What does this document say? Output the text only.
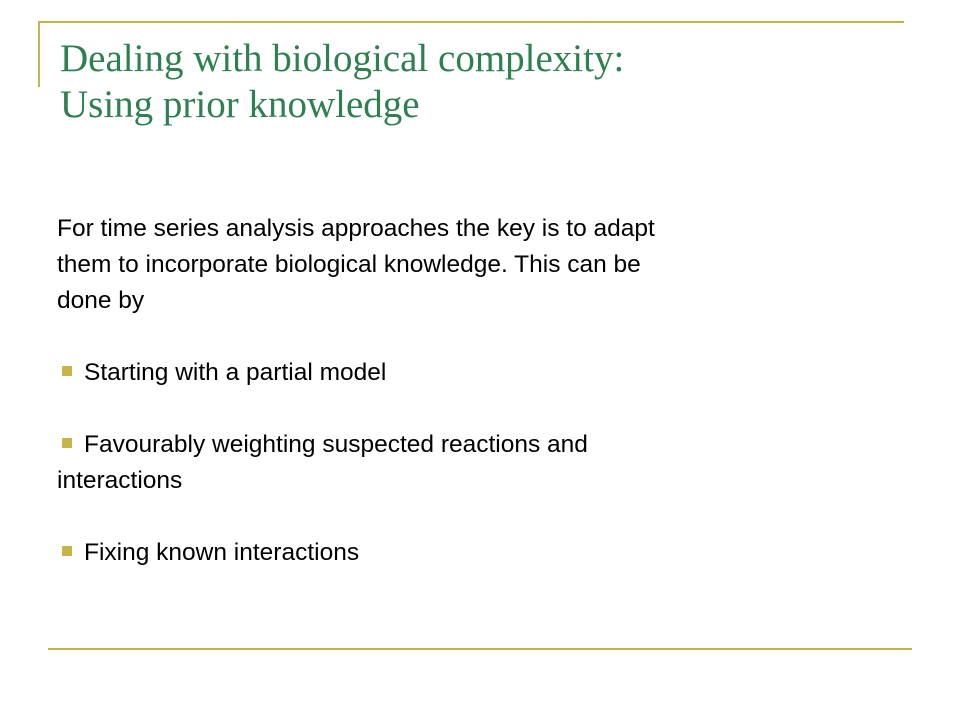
Dealing with biological complexity:
Using prior knowledge
For time series analysis approaches the key is to adapt
them to incorporate biological knowledge. This can be
done by
Starting with a partial model
Favourably weighting suspected reactions and
interactions
Fixing known interactions
